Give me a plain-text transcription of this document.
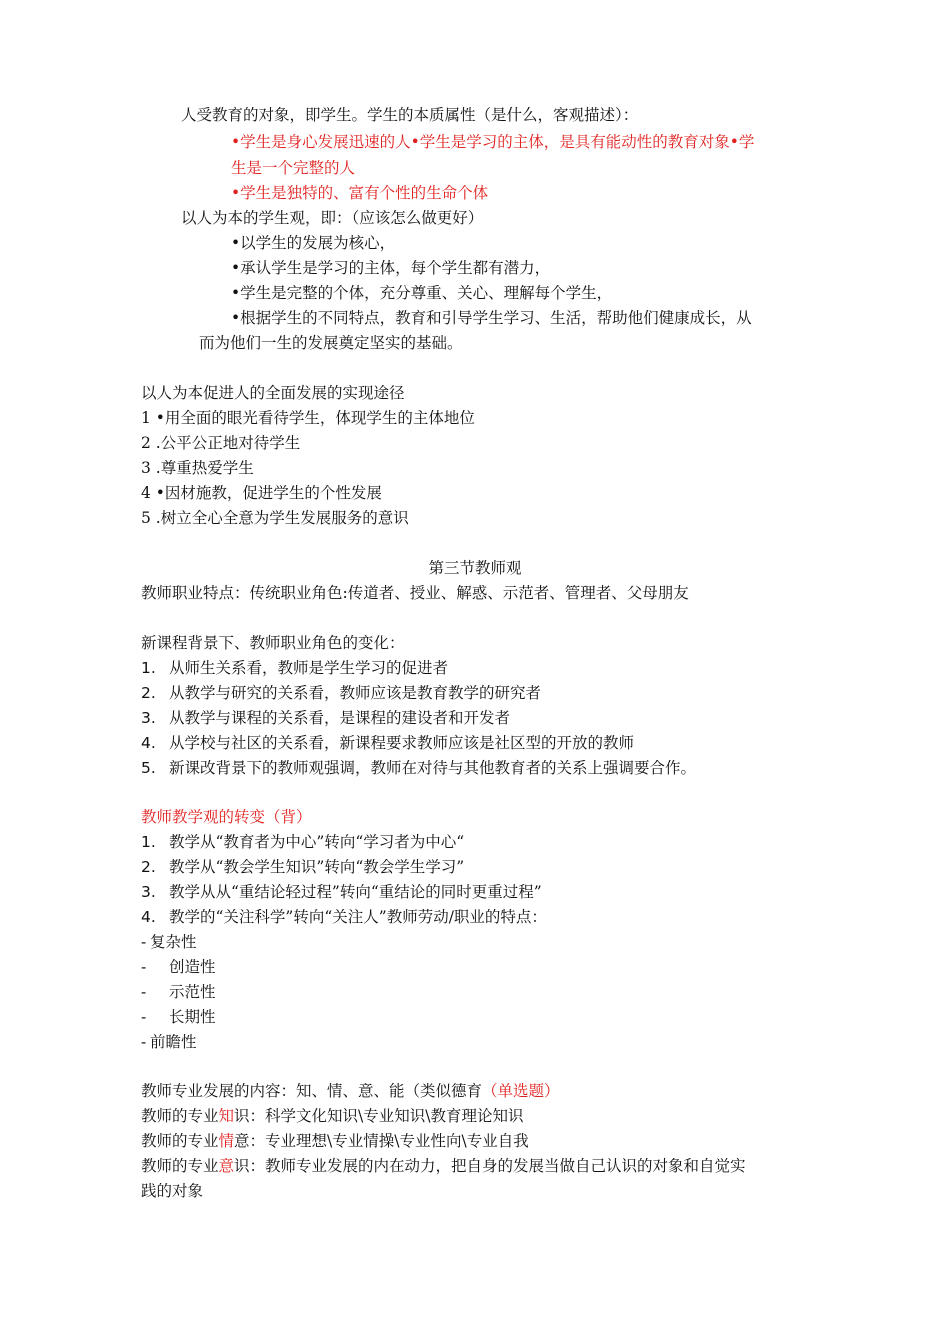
人受教育的对象，即学生。学生的本质属性（是什么，客观描述）：
•学生是身心发展迅速的人•学生是学习的主体，是具有能动性的教育对象•学
生是一个完整的人
•学生是独特的、富有个性的生命个体
以人为本的学生观，即：（应该怎么做更好）
•以学生的发展为核心，
•承认学生是学习的主体，每个学生都有潜力，
•学生是完整的个体，充分尊重、关心、理解每个学生，
•根据学生的不同特点，教育和引导学生学习、生活，帮助他们健康成长，从
而为他们一生的发展奠定坚实的基础。
以人为本促进人的全面发展的实现途径
1 •用全面的眼光看待学生，体现学生的主体地位
2 .公平公正地对待学生
3 .尊重热爱学生
4 •因材施教，促进学生的个性发展
5 .树立全心全意为学生发展服务的意识
第三节教师观
教师职业特点：传统职业角色:传道者、授业、解惑、示范者、管理者、父母朋友
新课程背景下、教师职业角色的变化：
1. 从师生关系看，教师是学生学习的促进者
2. 从教学与研究的关系看，教师应该是教育教学的研究者
3. 从教学与课程的关系看，是课程的建设者和开发者
4. 从学校与社区的关系看，新课程要求教师应该是社区型的开放的教师
5. 新课改背景下的教师观强调，教师在对待与其他教育者的关系上强调要合作。
教师教学观的转变（背）
1. 教学从“教育者为中心”转向“学习者为中心“
2. 教学从“教会学生知识”转向“教会学生学习”
3. 教学从从“重结论轻过程”转向“重结论的同时更重过程”
4. 教学的“关注科学”转向“关注人”教师劳动/职业的特点：
- 复杂性
- 创造性
- 示范性
- 长期性
- 前瞻性
教师专业发展的内容：知、情、意、能（类似德育（单选题）
教师的专业知识：科学文化知识\专业知识\教育理论知识
教师的专业情意：专业理想\专业情操\专业性向\专业自我
教师的专业意识：教师专业发展的内在动力，把自身的发展当做自己认识的对象和自觉实
践的对象
